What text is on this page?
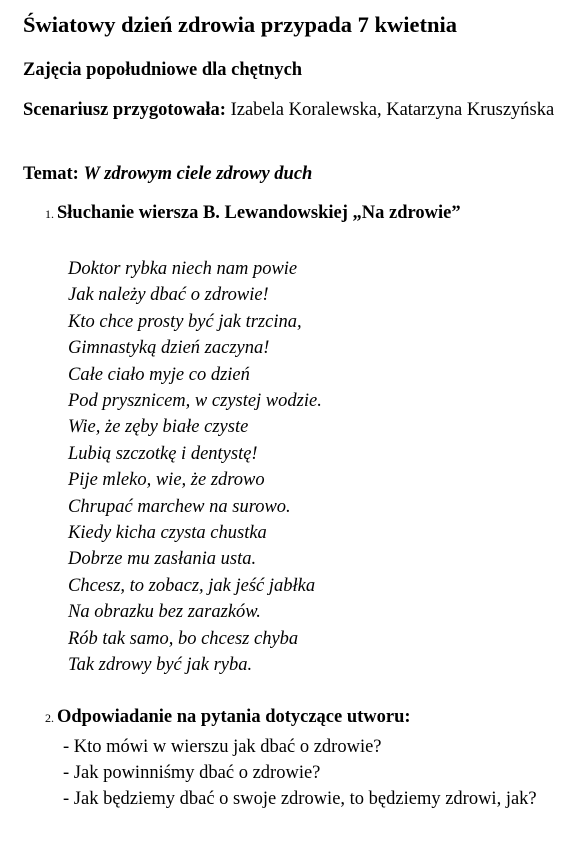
Światowy dzień zdrowia przypada 7 kwietnia
Zajęcia popołudniowe dla chętnych
Scenariusz przygotowała: Izabela Koralewska, Katarzyna Kruszyńska
Temat: W zdrowym ciele zdrowy duch
1. Słuchanie wiersza B. Lewandowskiej „Na zdrowie”
Doktor rybka niech nam powie
Jak należy dbać o zdrowie!
Kto chce prosty być jak trzcina,
Gimnastyką dzień zaczyna!
Całe ciało myje co dzień
Pod prysznicem, w czystej wodzie.
Wie, że zęby białe czyste
Lubią szczotkę i dentystę!
Pije mleko, wie, że zdrowo
Chrupać marchew na surowo.
Kiedy kicha czysta chustka
Dobrze mu zasłania usta.
Chcesz, to zobacz, jak jeść jabłka
Na obrazku bez zarazków.
Rób tak samo, bo chcesz chyba
Tak zdrowy być jak ryba.
2. Odpowiadanie na pytania dotyczące utworu:
- Kto mówi w wierszu jak dbać o zdrowie?
- Jak powinniśmy dbać o zdrowie?
- Jak będziemy dbać o swoje zdrowie, to będziemy zdrowi, jak?
